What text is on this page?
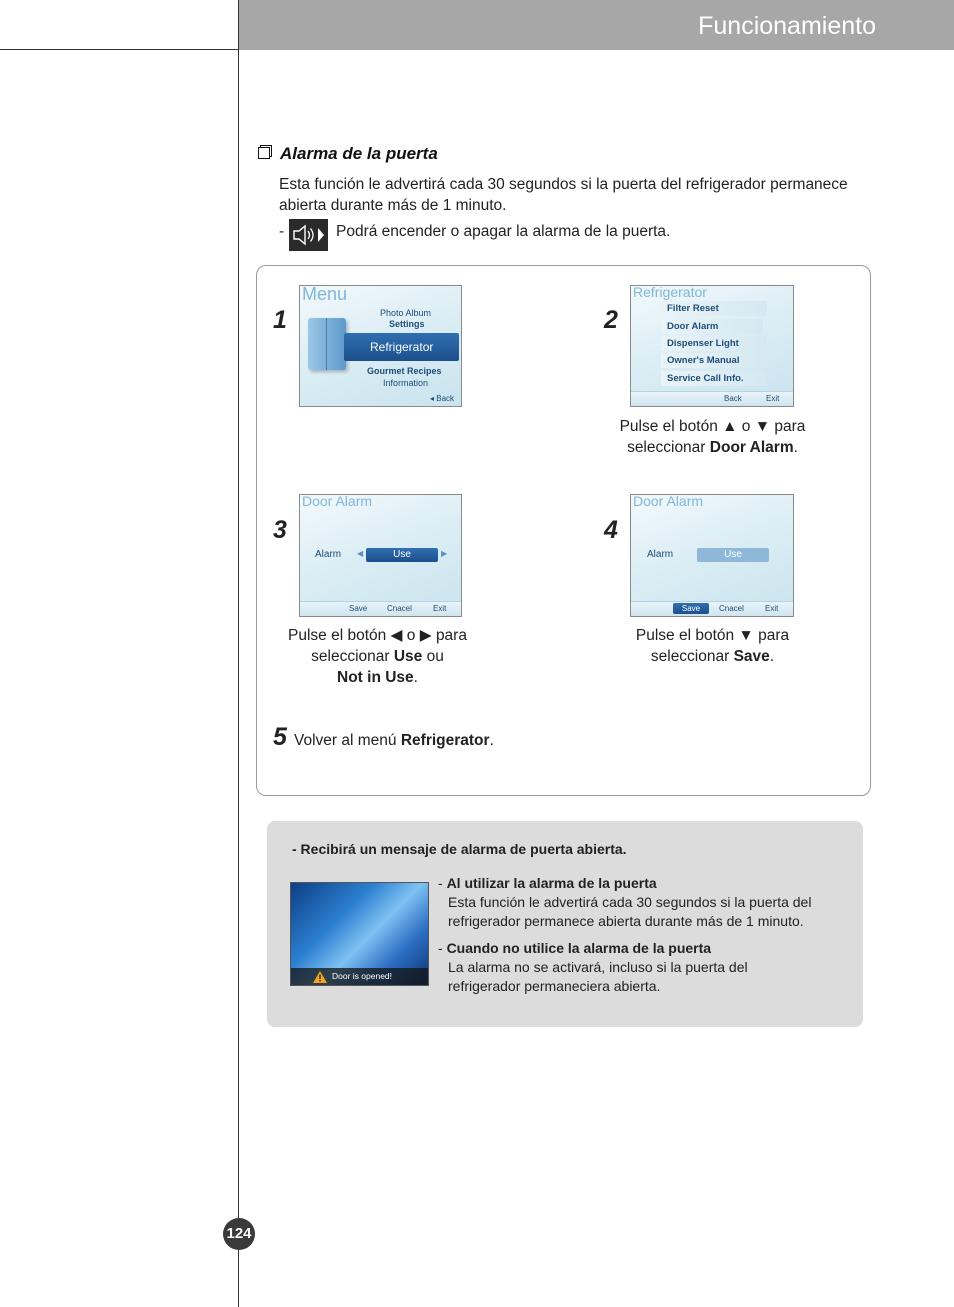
Funcionamiento
Alarma de la puerta
Esta función le advertirá cada 30 segundos si la puerta del refrigerador permanece
abierta durante más de 1 minuto.
-	Podrá encender o apagar la alarma de la puerta.
1
Menu
Photo Album
Settings
Refrigerator
Gourmet Recipes
Information
◂ Back
2
Refrigerator
Filter Reset
Door Alarm
Dispenser Light
Owner's Manual
Service Call Info.
Back	Exit
Pulse el botón ▲ o ▼ para
seleccionar Door Alarm.
3
Door Alarm
Alarm ◀	Use	▶
Save Cnacel	Exit
Pulse el botón ◀ o ▶ para
seleccionar Use ou
Not in Use.
4
Door Alarm
Alarm	Use
Save	Cnacel	Exit
Pulse el botón ▼ para
seleccionar Save.
5 Volver al menú Refrigerator.
- Recibirá un mensaje de alarma de puerta abierta.
Door is opened!
- Al utilizar la alarma de la puerta
Esta función le advertirá cada 30 segundos si la puerta del
refrigerador permanece abierta durante más de 1 minuto.
- Cuando no utilice la alarma de la puerta
La alarma no se activará, incluso si la puerta del
refrigerador permaneciera abierta.
124
